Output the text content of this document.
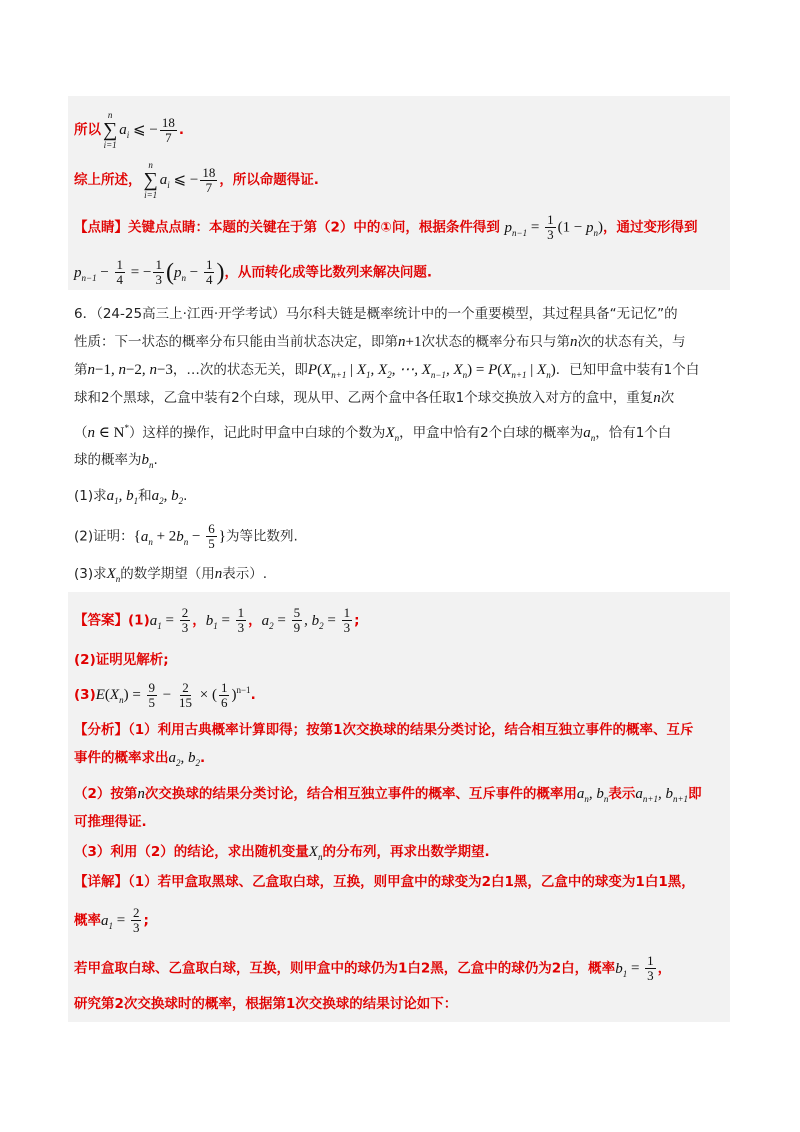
所以
n
∑
i=1
$a_i$ ⩽ − $\frac{18}{7}$ .
综上所述，
n
∑
i=1
$a_i$ ⩽ − $\frac{18}{7}$ ，所以命题得证.
【点睛】关键点点睛：本题的关键在于第（2）中的①问，根据条件得到 $p_{n-1} = \frac{1}{3} (1 - p_n)$，通过变形得到
$p_{n-1} - \frac{1}{4}$ = − $\frac{1}{3} (p_n - \frac{1}{4}$ )，从而转化成等比数列来解决问题.
6．（24-25高三上·江西·开学考试）马尔科夫链是概率统计中的一个重要模型，其过程具备“无记忆”的
性质：下一状态的概率分布只能由当前状态决定，即第n+1次状态的概率分布只与第n次的状态有关，与
第n−1, n−2, n−3，…次的状态无关，即$P(X_{n+1}$ | $X_1$, $X_2$, ⋯, $X_{n-1}$, $X_n) = P(X_{n+1}$ | $X_n$)．已知甲盒中装有1个白
球和2个黑球，乙盒中装有2个白球，现从甲、乙两个盒中各任取1个球交换放入对方的盒中，重复n次
（n ∈ N*）这样的操作，记此时甲盒中白球的个数为$X_n$，甲盒中恰有2个白球的概率为$a_n$，恰有1个白
球的概率为$b_n$.
(1)求$a_1$, $b_1$和$a_2$, $b_2$.
(2)证明：{$a_n + 2b_n - \frac{6}{5}$ }为等比数列.
(3)求$X_n$的数学期望（用n表示）.
【答案】$(1)a_1 = \frac{2}{3}$ ，$b_1 = \frac{1}{3}$ ，$a_2 = \frac{5}{9}$ , $b_2 = \frac{1}{3}$ ;
(2)证明见解析;
$(3)E(X_n) = \frac{9}{5} - \frac{2}{15}$ × ( $\frac{1}{6} )^{n-1}$.
【分析】（1）利用古典概率计算即得；按第1次交换球的结果分类讨论，结合相互独立事件的概率、互斥
事件的概率求出$a_2$, $b_2$.
（2）按第n次交换球的结果分类讨论，结合相互独立事件的概率、互斥事件的概率用$a_n$, $b_n$表示$a_{n+1}$, $b_{n+1}$即
可推理得证.
（3）利用（2）的结论，求出随机变量$X_n$的分布列，再求出数学期望.
【详解】（1）若甲盒取黑球、乙盒取白球，互换，则甲盒中的球变为2白1黑，乙盒中的球变为1白1黑，
概率$a_1 = \frac{2}{3}$ ;
若甲盒取白球、乙盒取白球，互换，则甲盒中的球仍为1白2黑，乙盒中的球仍为2白，概率$b_1 = \frac{1}{3}$ ，
研究第2次交换球时的概率，根据第1次交换球的结果讨论如下：
